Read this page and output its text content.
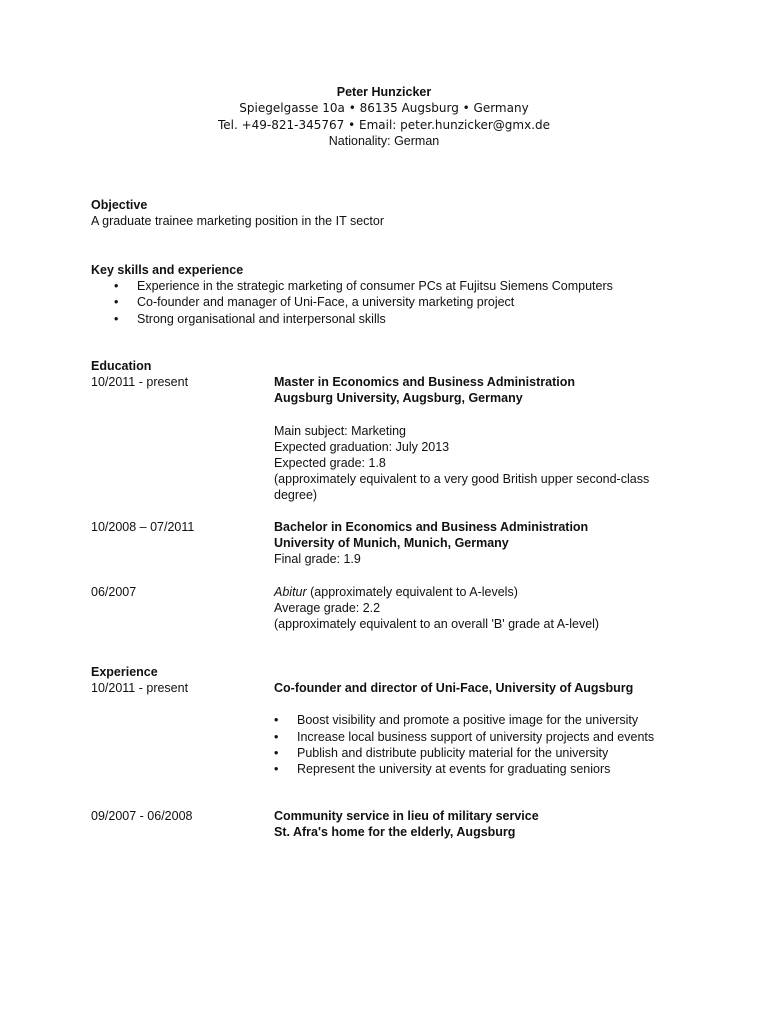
Peter Hunzicker
Spiegelgasse 10a • 86135 Augsburg • Germany
Tel. +49-821-345767 • Email: peter.hunzicker@gmx.de
Nationality: German
Objective

A graduate trainee marketing position in the IT sector

Key skills and experience
• Experience in the strategic marketing of consumer PCs at Fujitsu Siemens Computers
• Co-founder and manager of Uni-Face, a university marketing project
• Strong organisational and interpersonal skills
Education
10/2011 - present	Master in Economics and Business Administration
Augsburg University, Augsburg, Germany
Main subject: Marketing
Expected graduation: July 2013
Expected grade: 1.8
(approximately equivalent to a very good British upper second-class degree)
10/2008 – 07/2011	Bachelor in Economics and Business Administration
University of Munich, Munich, Germany
Final grade: 1.9
06/2007	Abitur (approximately equivalent to A-levels)
Average grade: 2.2
(approximately equivalent to an overall 'B' grade at A-level)
Experience
10/2011 - present	Co-founder and director of Uni-Face, University of Augsburg
• Boost visibility and promote a positive image for the university
• Increase local business support of university projects and events
• Publish and distribute publicity material for the university
• Represent the university at events for graduating seniors
09/2007 - 06/2008	Community service in lieu of military service
St. Afra's home for the elderly, Augsburg
